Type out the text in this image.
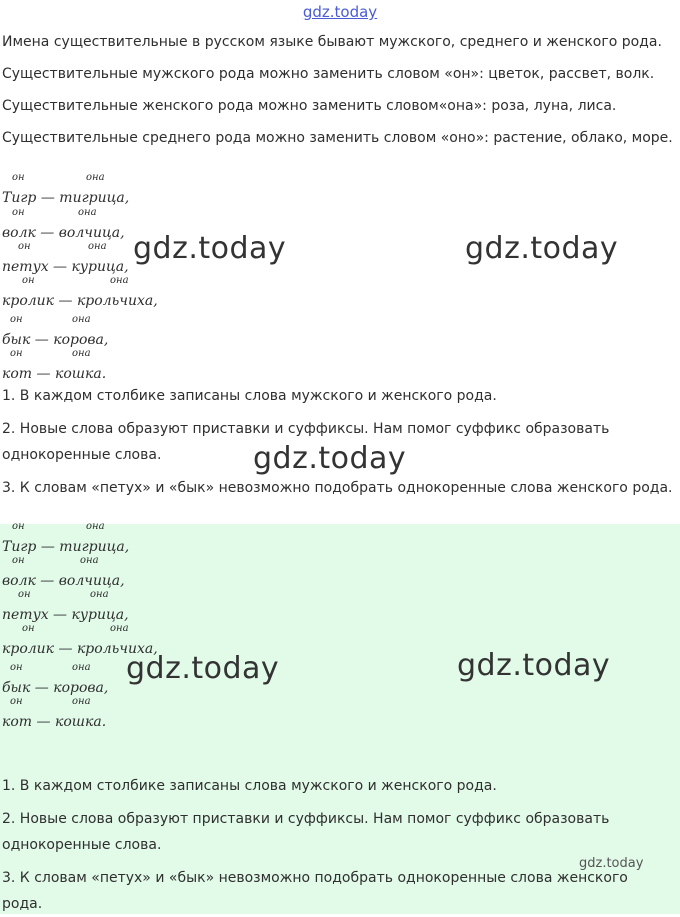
gdz.today
Имена существительные в русском языке бывают мужского, среднего и женского рода.
Существительные мужского рода можно заменить словом «он»: цветок, рассвет, волк.
Существительные женского рода можно заменить словом«она»: роза, луна, лиса.
Существительные среднего рода можно заменить словом «оно»: растение, облако, море.
он	она
Тигр — тигрица,
он	она
волк — волчица,
он	она
петух — курица,
он	она
кролик — крольчиха,
он	она
бык — корова,
он	она
кот — кошка.
1. В каждом столбике записаны слова мужского и женского рода.
2. Новые слова образуют приставки и суффиксы. Нам помог суффикс образовать однокоренные слова.
3. К словам «петух» и «бык» невозможно подобрать однокоренные слова женского рода.
он	она
Тигр — тигрица,
он	она
волк — волчица,
он	она
петух — курица,
он	она
кролик — крольчиха,
он	она
бык — корова,
он	она
кот — кошка.
1. В каждом столбике записаны слова мужского и женского рода.
2. Новые слова образуют приставки и суффиксы. Нам помог суффикс образовать однокоренные слова.
3. К словам «петух» и «бык» невозможно подобрать однокоренные слова женского рода.
gdz.today	gdz.today
gdz.today
gdz.today	gdz.today
gdz.today
